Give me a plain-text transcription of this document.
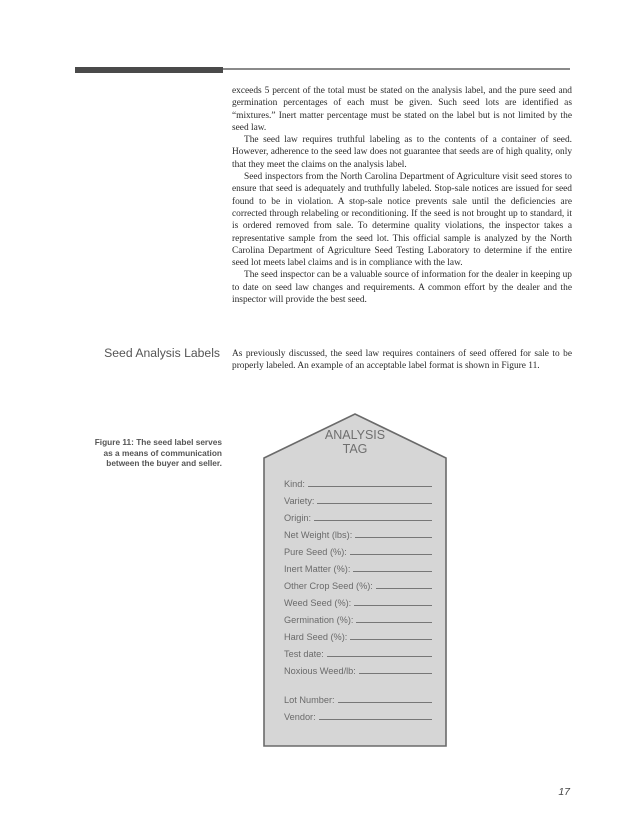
exceeds 5 percent of the total must be stated on the analysis label, and the pure seed and germination percentages of each must be given. Such seed lots are identified as “mixtures.” Inert matter percentage must be stated on the label but is not limited by the seed law.

The seed law requires truthful labeling as to the contents of a container of seed. However, adherence to the seed law does not guarantee that seeds are of high quality, only that they meet the claims on the analysis label.

Seed inspectors from the North Carolina Department of Agriculture visit seed stores to ensure that seed is adequately and truthfully labeled. Stop-sale notices are issued for seed found to be in violation. A stop-sale notice prevents sale until the deficiencies are corrected through relabeling or reconditioning. If the seed is not brought up to standard, it is ordered removed from sale. To determine quality violations, the inspector takes a representative sample from the seed lot. This official sample is analyzed by the North Carolina Department of Agriculture Seed Testing Laboratory to determine if the entire seed lot meets label claims and is in compliance with the law.

The seed inspector can be a valuable source of information for the dealer in keeping up to date on seed law changes and requirements. A common effort by the dealer and the inspector will provide the best seed.

Seed Analysis Labels As previously discussed, the seed law requires containers of seed offered for sale to be properly labeled. An example of an acceptable label format is shown in Figure 11.

Figure 11: The seed label serves
as a means of communication
between the buyer and seller.
ANALYSIS
TAG
Kind:
Variety:
Origin:
Net Weight (lbs):
Pure Seed (%):
Inert Matter (%):
Other Crop Seed (%):
Weed Seed (%):
Germination (%):
Hard Seed (%):
Test date:
Noxious Weed/lb:
Lot Number:
Vendor:
17
